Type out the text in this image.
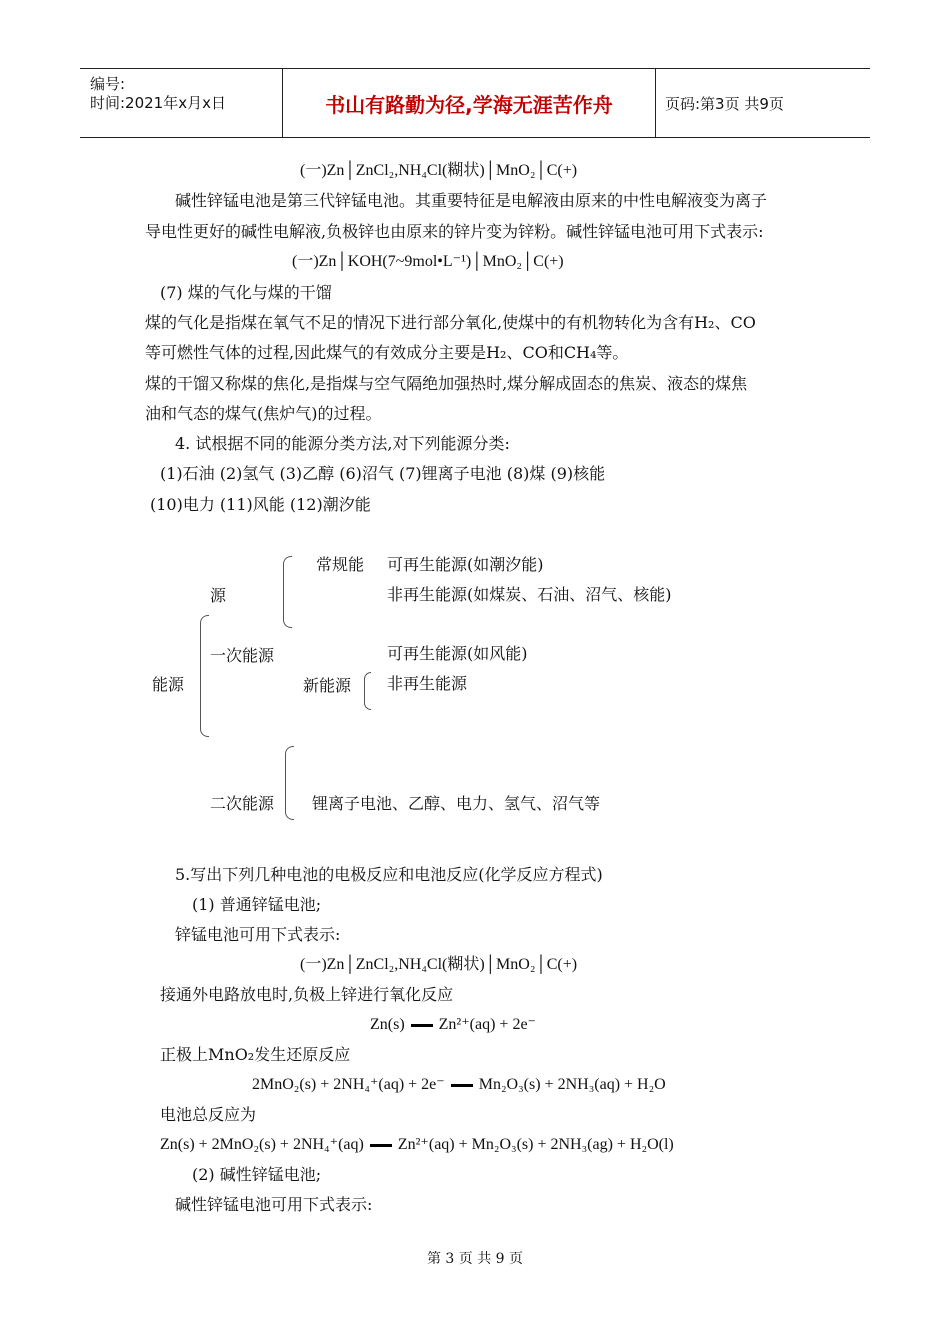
编号:
时间:2021年x月x日	书山有路勤为径,学海无涯苦作舟	页码:第3页 共9页
(一)Zn│ZnCl₂,NH₄Cl(糊状)│MnO₂│C(+)
碱性锌锰电池是第三代锌锰电池。其重要特征是电解液由原来的中性电解液变为离子
导电性更好的碱性电解液,负极锌也由原来的锌片变为锌粉。碱性锌锰电池可用下式表示:
(一)Zn│KOH(7~9mol•L⁻¹)│MnO₂│C(+)
(7) 煤的气化与煤的干馏
煤的气化是指煤在氧气不足的情况下进行部分氧化,使煤中的有机物转化为含有H₂、CO
等可燃性气体的过程,因此煤气的有效成分主要是H₂、CO和CH₄等。
煤的干馏又称煤的焦化,是指煤与空气隔绝加强热时,煤分解成固态的焦炭、液态的煤焦
油和气态的煤气(焦炉气)的过程。
4. 试根据不同的能源分类方法,对下列能源分类:
(1)石油 (2)氢气 (3)乙醇 (6)沼气 (7)锂离子电池 (8)煤 (9)核能
(10)电力 (11)风能 (12)潮汐能
能源
源
一次能源
常规能 可再生能源(如潮汐能)
非再生能源(如煤炭、石油、沼气、核能)
可再生能源(如风能)
新能源 非再生能源
二次能源 锂离子电池、乙醇、电力、氢气、沼气等
5.写出下列几种电池的电极反应和电池反应(化学反应方程式)
(1) 普通锌锰电池;
锌锰电池可用下式表示:
(一)Zn│ZnCl₂,NH₄Cl(糊状)│MnO₂│C(+)
接通外电路放电时,负极上锌进行氧化反应
Zn(s) Zn²⁺(aq) + 2e⁻
正极上MnO₂发生还原反应
2MnO₂(s) + 2NH₄⁺(aq) + 2e⁻ Mn₂O₃(s) + 2NH₃(aq) + H₂O
电池总反应为
Zn(s) + 2MnO₂(s) + 2NH₄⁺(aq) Zn²⁺(aq) + Mn₂O₃(s) + 2NH₃(ag) + H₂O(l)
(2) 碱性锌锰电池;
碱性锌锰电池可用下式表示:
第 3 页 共 9 页
